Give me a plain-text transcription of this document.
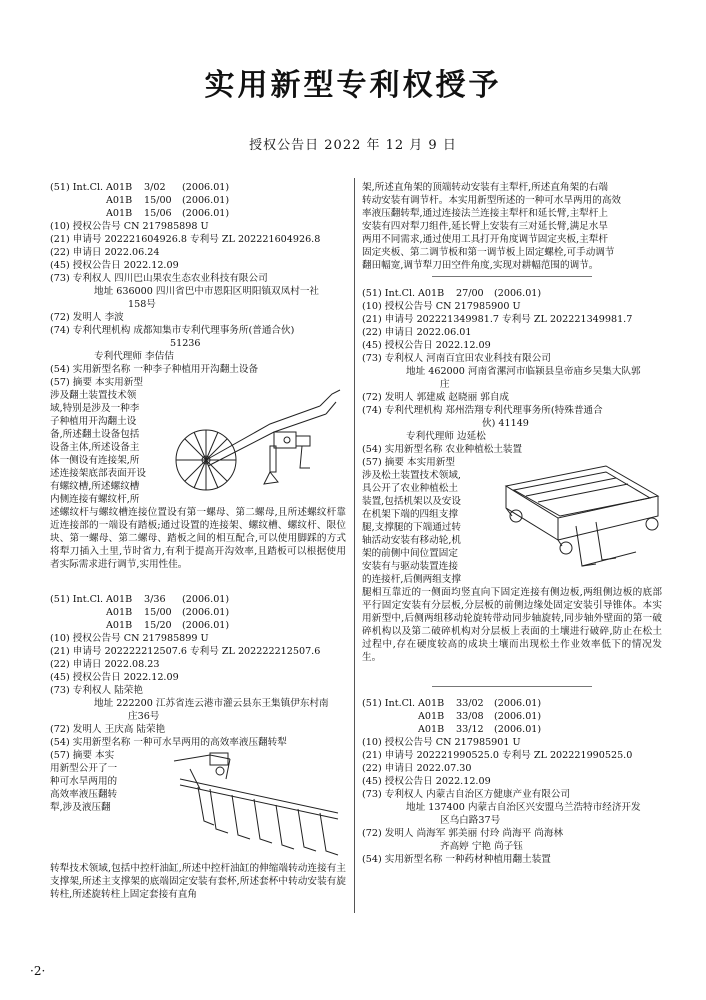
实用新型专利权授予
授权公告日 2022 年 12 月 9 日
(51) Int.Cl. A01B 3/02 (2006.01)
A01B 15/00 (2006.01)
A01B 15/06 (2006.01)
(10) 授权公告号 CN 217985898 U
(21) 申请号 202221604926.8 专利号 ZL 202221604926.8
(22) 申请日 2022.06.24
(45) 授权公告日 2022.12.09
(73) 专利权人 四川巴山果农生态农业科技有限公司
地址 636000 四川省巴中市恩阳区明阳镇双凤村一社
158号
(72) 发明人 李波
(74) 专利代理机构 成都知集市专利代理事务所(普通合伙)
51236
专利代理师 李佶佶
(54) 实用新型名称 一种李子种植用开沟翻土设备
(57) 摘要 本实用新型
涉及翻土装置技术领
域,特别是涉及一种李
子种植用开沟翻土设
备,所述翻土设备包括
设备主体,所述设备主
体一侧设有连接架,所
述连接架底部表面开设
有螺纹槽,所述螺纹槽
内侧连接有螺纹杆,所
述螺纹杆与螺纹槽连接位置设有第一螺母、第二螺母,且所述螺纹杆靠近连接部的一端设有踏板;通过设置的连接架、螺纹槽、螺纹杆、限位块、第一螺母、第二螺母、踏板之间的相互配合,可以使用脚踩的方式将犁刀插入土里,节时省力,有利于提高开沟效率,且踏板可以根据使用者实际需求进行调节,实用性佳。
(51) Int.Cl. A01B 3/36 (2006.01)
A01B 15/00 (2006.01)
A01B 15/20 (2006.01)
(10) 授权公告号 CN 217985899 U
(21) 申请号 202222212507.6 专利号 ZL 202222212507.6
(22) 申请日 2022.08.23
(45) 授权公告日 2022.12.09
(73) 专利权人 陆荣艳
地址 222200 江苏省连云港市灌云县东王集镇伊东村南
庄36号
(72) 发明人 王庆高 陆荣艳
(54) 实用新型名称 一种可水旱两用的高效率液压翻转犁
(57) 摘要 本实
用新型公开了一
种可水旱两用的
高效率液压翻转
犁,涉及液压翻
转犁技术领域,包括中控杆油缸,所述中控杆油缸的伸缩端转动连接有主支撑架,所述主支撑架的底端固定安装有套杯,所述套杯中转动安装有旋转柱,所述旋转柱上固定套接有直角
架,所述直角架的顶端转动安装有主犁杆,所述直角架的右端
转动安装有调节杆。本实用新型所述的一种可水旱两用的高效
率液压翻转犁,通过连接法兰连接主犁杆和延长臂,主犁杆上
安装有四对犁刀组件,延长臂上安装有三对延长臂,满足水旱
两用不同需求,通过使用工具打开角度调节固定夹板,主犁杆
固定夹板、第二调节板和第一调节板上固定螺栓,可手动调节
翻田幅宽,调节犁刀田空件角度,实现对耕幅范围的调节。
(51) Int.Cl. A01B 27/00 (2006.01)
(10) 授权公告号 CN 217985900 U
(21) 申请号 202221349981.7 专利号 ZL 202221349981.7
(22) 申请日 2022.06.01
(45) 授权公告日 2022.12.09
(73) 专利权人 河南百宜田农业科技有限公司
地址 462000 河南省漯河市临颍县皇帝庙乡吴集大队郭
庄
(72) 发明人 郭建威 赵晓丽 郭自成
(74) 专利代理机构 郑州浩翔专利代理事务所(特殊普通合
伙) 41149
专利代理师 边延松
(54) 实用新型名称 农业种植松土装置
(57) 摘要 本实用新型
涉及松土装置技术领域,
具公开了农业种植松土
装置,包括机架以及安设
在机架下端的四组支撑
腿,支撑腿的下端通过转
轴活动安装有移动轮,机
架的前侧中间位置固定
安装有与驱动装置连接
的连接杆,后侧两组支撑
腿相互靠近的一侧面均竖直向下固定连接有侧边板,两组侧边板的底部平行固定安装有分层板,分层板的前侧边缘处固定安装引导锥体。本实用新型中,后侧两组移动轮旋转带动同步轴旋转,同步轴外壁面的第一破碎机构以及第二破碎机构对分层板上表面的土壤进行破碎,防止在松土过程中,存在硬度较高的成块土壤而出现松土作业效率低下的情况发生。
(51) Int.Cl. A01B 33/02 (2006.01)
A01B 33/08 (2006.01)
A01B 33/12 (2006.01)
(10) 授权公告号 CN 217985901 U
(21) 申请号 202221990525.0 专利号 ZL 202221990525.0
(22) 申请日 2022.07.30
(45) 授权公告日 2022.12.09
(73) 专利权人 内蒙古自治区方健康产业有限公司
地址 137400 内蒙古自治区兴安盟乌兰浩特市经济开发
区乌白路37号
(72) 发明人 尚海军 郭美丽 付玲 尚海平 尚海林
齐高婷 宁艳 尚子钰
(54) 实用新型名称 一种药材种植用翻土装置
·2·
